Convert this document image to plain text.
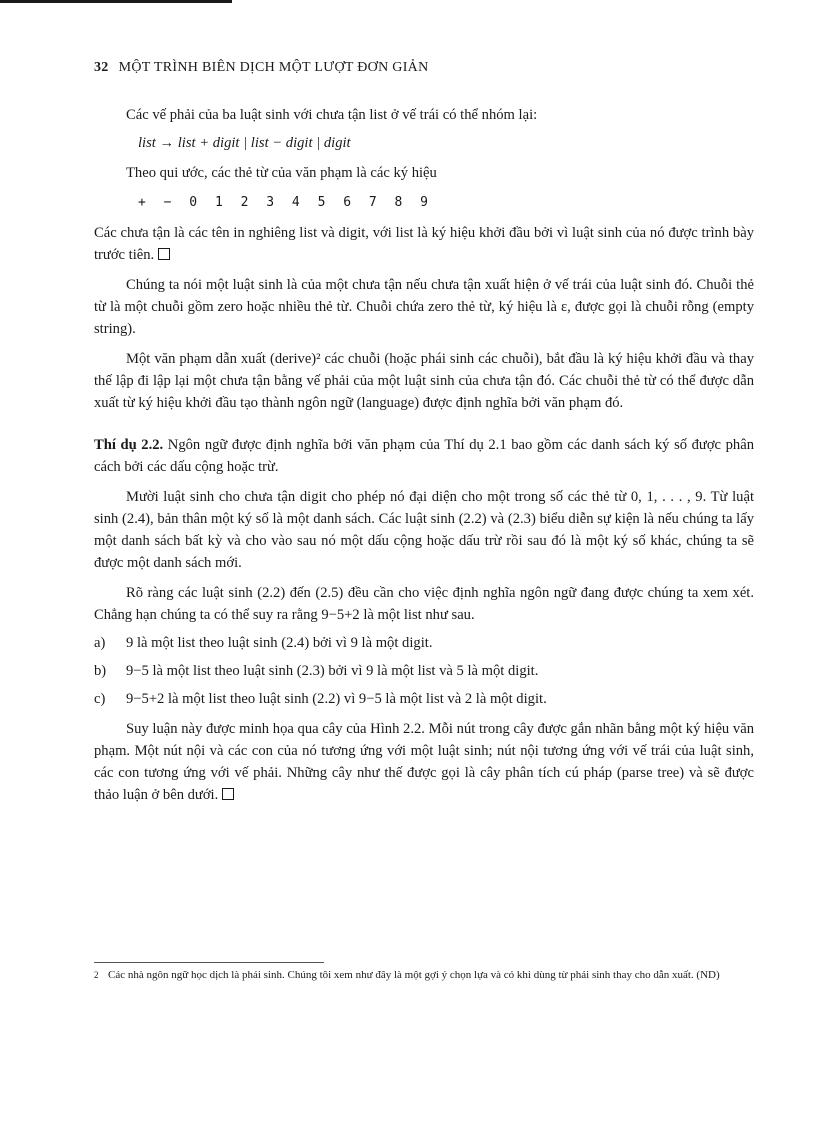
32 MỘT TRÌNH BIÊN DỊCH MỘT LƯỢT ĐƠN GIẢN

Các vế phải của ba luật sinh với chưa tận list ở vế trái có thể nhóm lại:

list → list + digit | list − digit | digit

Theo qui ước, các thẻ từ của văn phạm là các ký hiệu

+ − 0 1 2 3 4 5 6 7 8 9

Các chưa tận là các tên in nghiêng list và digit, với list là ký hiệu khởi đầu bởi vì luật sinh của nó được trình bày trước tiên.

Chúng ta nói một luật sinh là của một chưa tận nếu chưa tận xuất hiện ở vế trái của luật sinh đó. Chuỗi thẻ từ là một chuỗi gồm zero hoặc nhiều thẻ từ. Chuỗi chứa zero thẻ từ, ký hiệu là ε, được gọi là chuỗi rỗng (empty string).

Một văn phạm dẫn xuất (derive)² các chuỗi (hoặc phái sinh các chuỗi), bắt đầu là ký hiệu khởi đầu và thay thế lập đi lập lại một chưa tận bằng vế phải của một luật sinh của chưa tận đó. Các chuỗi thẻ từ có thể được dẫn xuất từ ký hiệu khởi đầu tạo thành ngôn ngữ (language) được định nghĩa bởi văn phạm đó.

Thí dụ 2.2. Ngôn ngữ được định nghĩa bởi văn phạm của Thí dụ 2.1 bao gồm các danh sách ký số được phân cách bởi các dấu cộng hoặc trừ.

Mười luật sinh cho chưa tận digit cho phép nó đại diện cho một trong số các thẻ từ 0, 1, . . . , 9. Từ luật sinh (2.4), bản thân một ký số là một danh sách. Các luật sinh (2.2) và (2.3) biểu diễn sự kiện là nếu chúng ta lấy một danh sách bất kỳ và cho vào sau nó một dấu cộng hoặc dấu trừ rồi sau đó là một ký số khác, chúng ta sẽ được một danh sách mới.

Rõ ràng các luật sinh (2.2) đến (2.5) đều cần cho việc định nghĩa ngôn ngữ đang được chúng ta xem xét. Chẳng hạn chúng ta có thể suy ra rằng 9−5+2 là một list như sau.

a)	9 là một list theo luật sinh (2.4) bởi vì 9 là một digit.
b)	9−5 là một list theo luật sinh (2.3) bởi vì 9 là một list và 5 là một digit.
c)	9−5+2 là một list theo luật sinh (2.2) vì 9−5 là một list và 2 là một digit.

Suy luận này được minh họa qua cây của Hình 2.2. Mỗi nút trong cây được gắn nhãn bằng một ký hiệu văn phạm. Một nút nội và các con của nó tương ứng với một luật sinh; nút nội tương ứng với vế trái của luật sinh, các con tương ứng với vế phải. Những cây như thế được gọi là cây phân tích cú pháp (parse tree) và sẽ được thảo luận ở bên dưới.

2 Các nhà ngôn ngữ học dịch là phái sinh. Chúng tôi xem như đây là một gợi ý chọn lựa và có khi dùng từ phái sinh thay cho dẫn xuất. (ND)
